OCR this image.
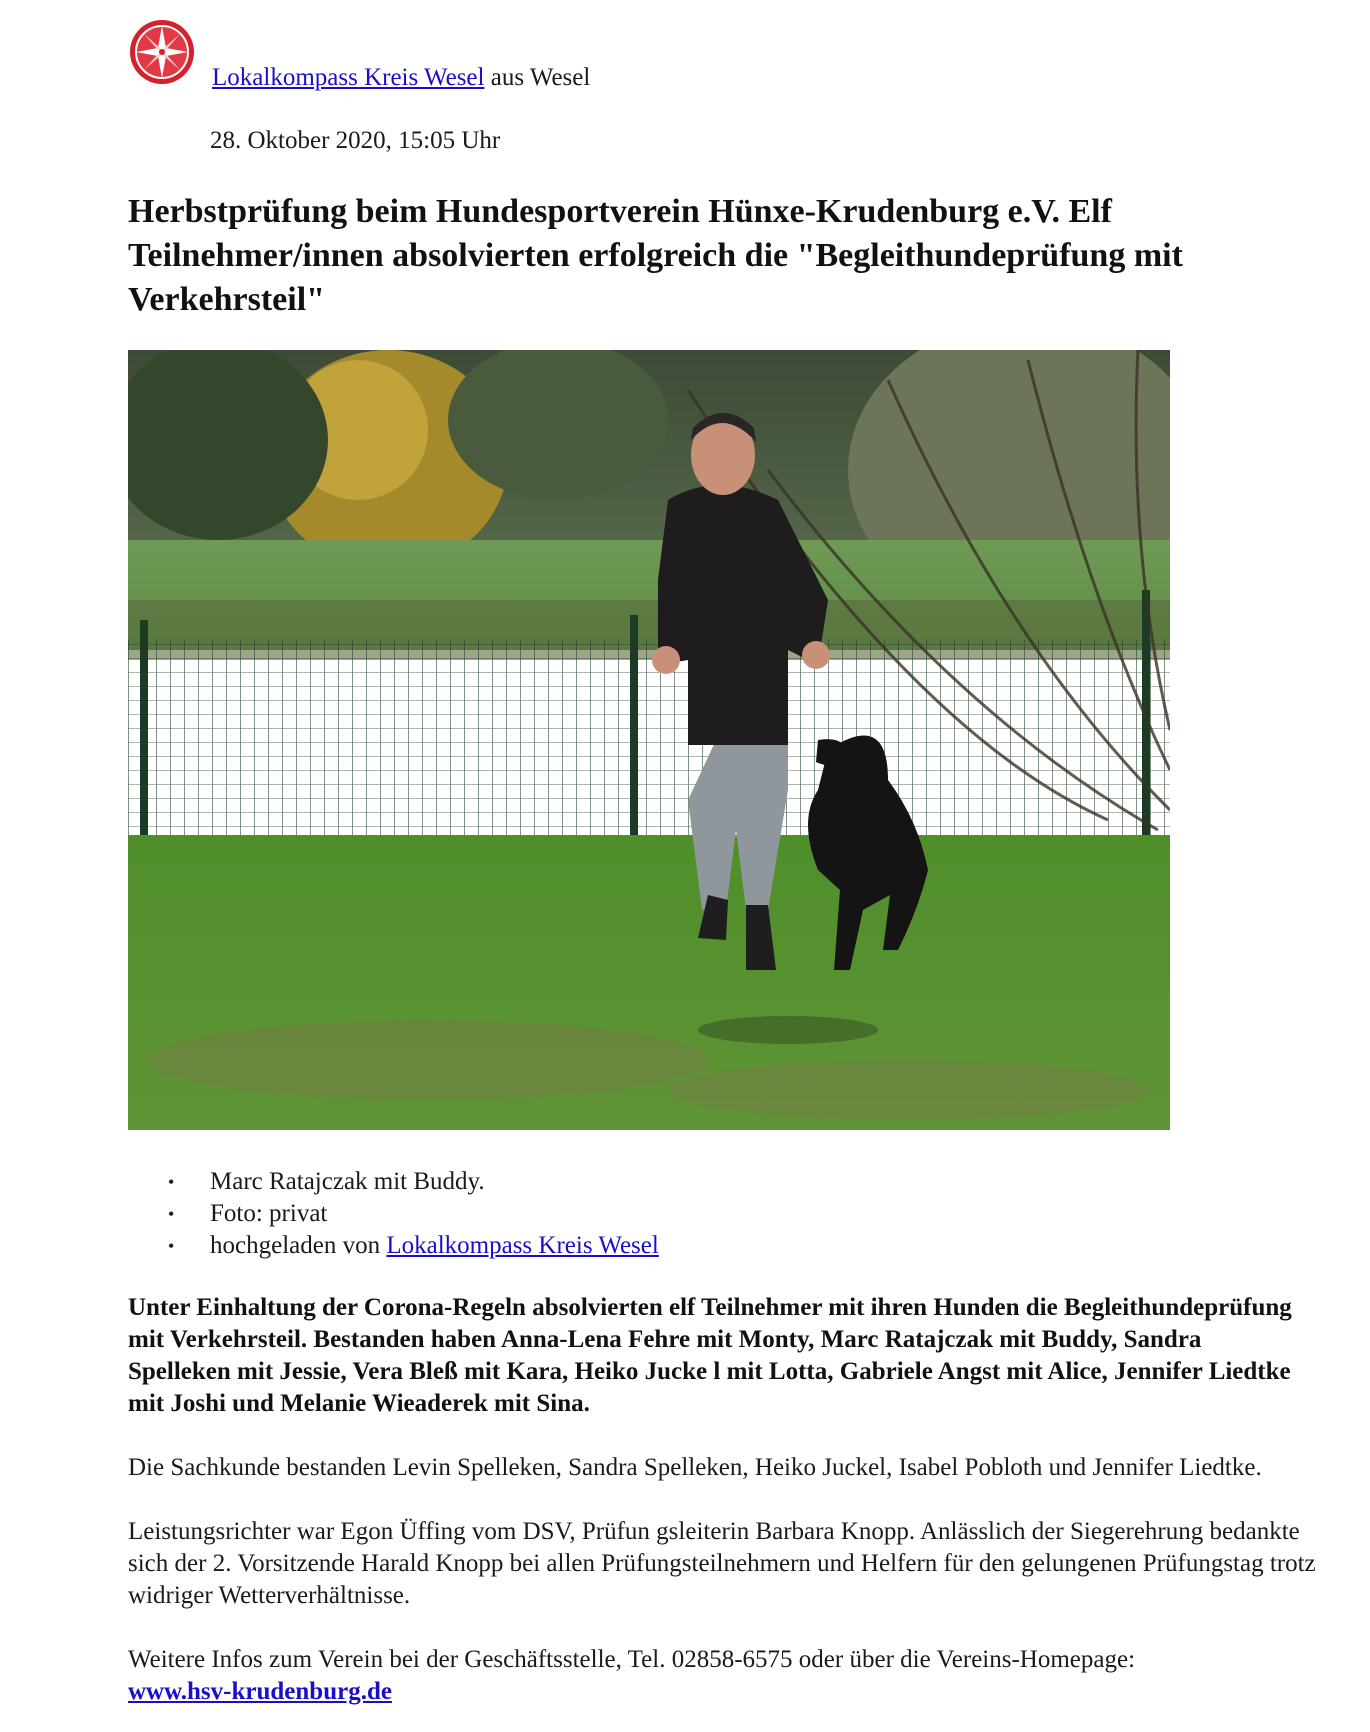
Lokalkompass Kreis Wesel aus Wesel
28. Oktober 2020, 15:05 Uhr
Herbstprüfung beim Hundesportverein Hünxe-Krudenburg e.V. Elf Teilnehmer/innen absolvierten erfolgreich die "Begleithundeprüfung mit Verkehrsteil"
• Marc Ratajczak mit Buddy.
• Foto: privat
• hochgeladen von Lokalkompass Kreis Wesel

Unter Einhaltung der Corona-Regeln absolvierten elf Teilnehmer mit ihren Hunden die Begleithundeprüfung mit Verkehrsteil. Bestanden haben Anna-Lena Fehre mit Monty, Marc Ratajczak mit Buddy, Sandra Spelleken mit Jessie, Vera Bleß mit Kara, Heiko Jucke l mit Lotta, Gabriele Angst mit Alice, Jennifer Liedtke mit Joshi und Melanie Wieaderek mit Sina.

Die Sachkunde bestanden Levin Spelleken, Sandra Spelleken, Heiko Juckel, Isabel Pobloth und Jennifer Liedtke.

Leistungsrichter war Egon Üffing vom DSV, Prüfun gsleiterin Barbara Knopp. Anlässlich der Siegerehrung bedankte sich der 2. Vorsitzende Harald Knopp bei allen Prüfungsteilnehmern und Helfern für den gelungenen Prüfungstag trotz widriger Wetterverhältnisse.

Weitere Infos zum Verein bei der Geschäftsstelle, Tel. 02858-6575 oder über die Vereins-Homepage:
www.hsv-krudenburg.de
